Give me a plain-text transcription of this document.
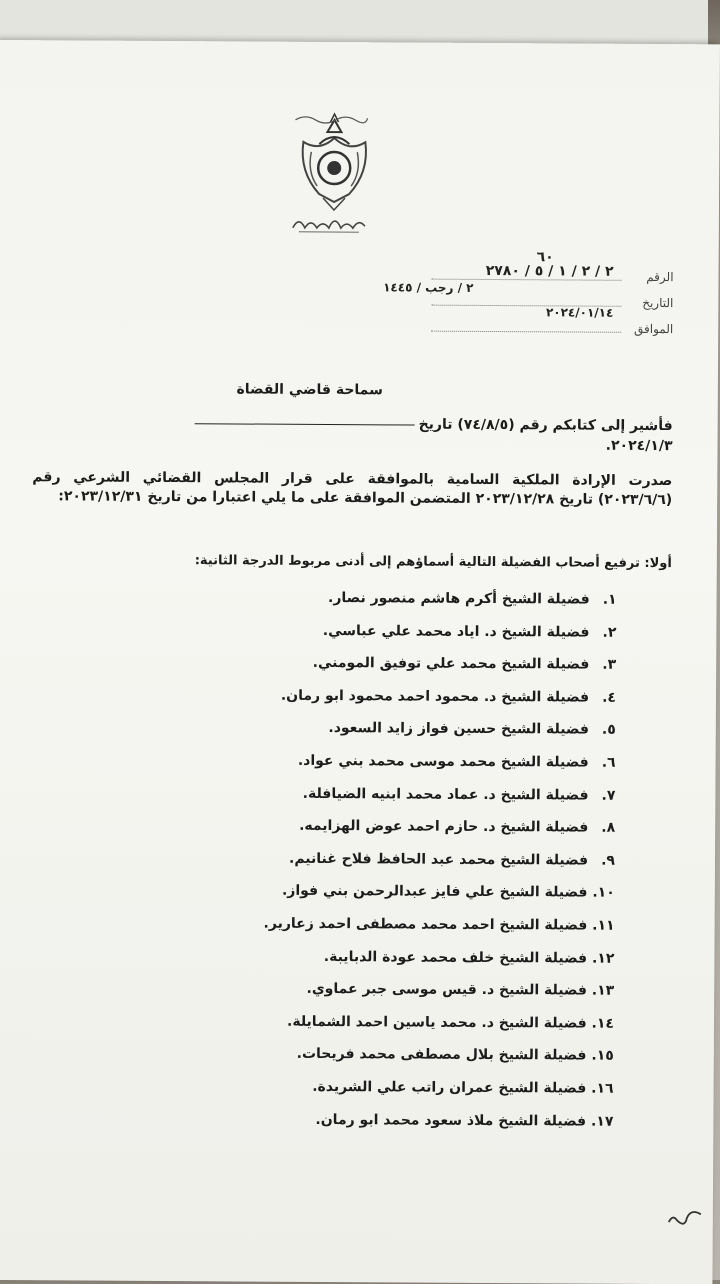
الرقم
٦٠
٢ / ٢ / ١ / ٥ / ٢٧٨٠
التاريخ
٢ / رجب / ١٤٤٥
٢٠٢٤/٠١/١٤
الموافق
سماحة قاضي القضاة
فأشير إلى كتابكم رقم (٧٤/٨/٥) تاريخ
٢٠٢٤/١/٣.
صدرت الإرادة الملكية السامية بالموافقة على قرار المجلس القضائي الشرعي رقم (٢٠٢٣/٦/٦) تاريخ ٢٠٢٣/١٢/٢٨ المتضمن الموافقة على ما يلي اعتبارا من تاريخ ٢٠٢٣/١٢/٣١:
أولا: ترفيع أصحاب الفضيلة التالية أسماؤهم إلى أدنى مربوط الدرجة الثانية:
١. فضيلة الشيخ أكرم هاشم منصور نصار.
٢. فضيلة الشيخ د. اياد محمد علي عباسي.
٣. فضيلة الشيخ محمد علي توفيق المومني.
٤. فضيلة الشيخ د. محمود احمد محمود ابو رمان.
٥. فضيلة الشيخ حسين فواز زايد السعود.
٦. فضيلة الشيخ محمد موسى محمد بني عواد.
٧. فضيلة الشيخ د. عماد محمد ابنيه الضيافلة.
٨. فضيلة الشيخ د. حازم احمد عوض الهزايمه.
٩. فضيلة الشيخ محمد عبد الحافظ فلاح غنانيم.
١٠. فضيلة الشيخ علي فايز عبدالرحمن بني فواز.
١١. فضيلة الشيخ احمد محمد مصطفى احمد زعارير.
١٢. فضيلة الشيخ خلف محمد عودة الدبايبة.
١٣. فضيلة الشيخ د. قيس موسى جبر عماوي.
١٤. فضيلة الشيخ د. محمد ياسين احمد الشمايلة.
١٥. فضيلة الشيخ بلال مصطفى محمد فريحات.
١٦. فضيلة الشيخ عمران راتب علي الشريدة.
١٧. فضيلة الشيخ ملاذ سعود محمد ابو رمان.
